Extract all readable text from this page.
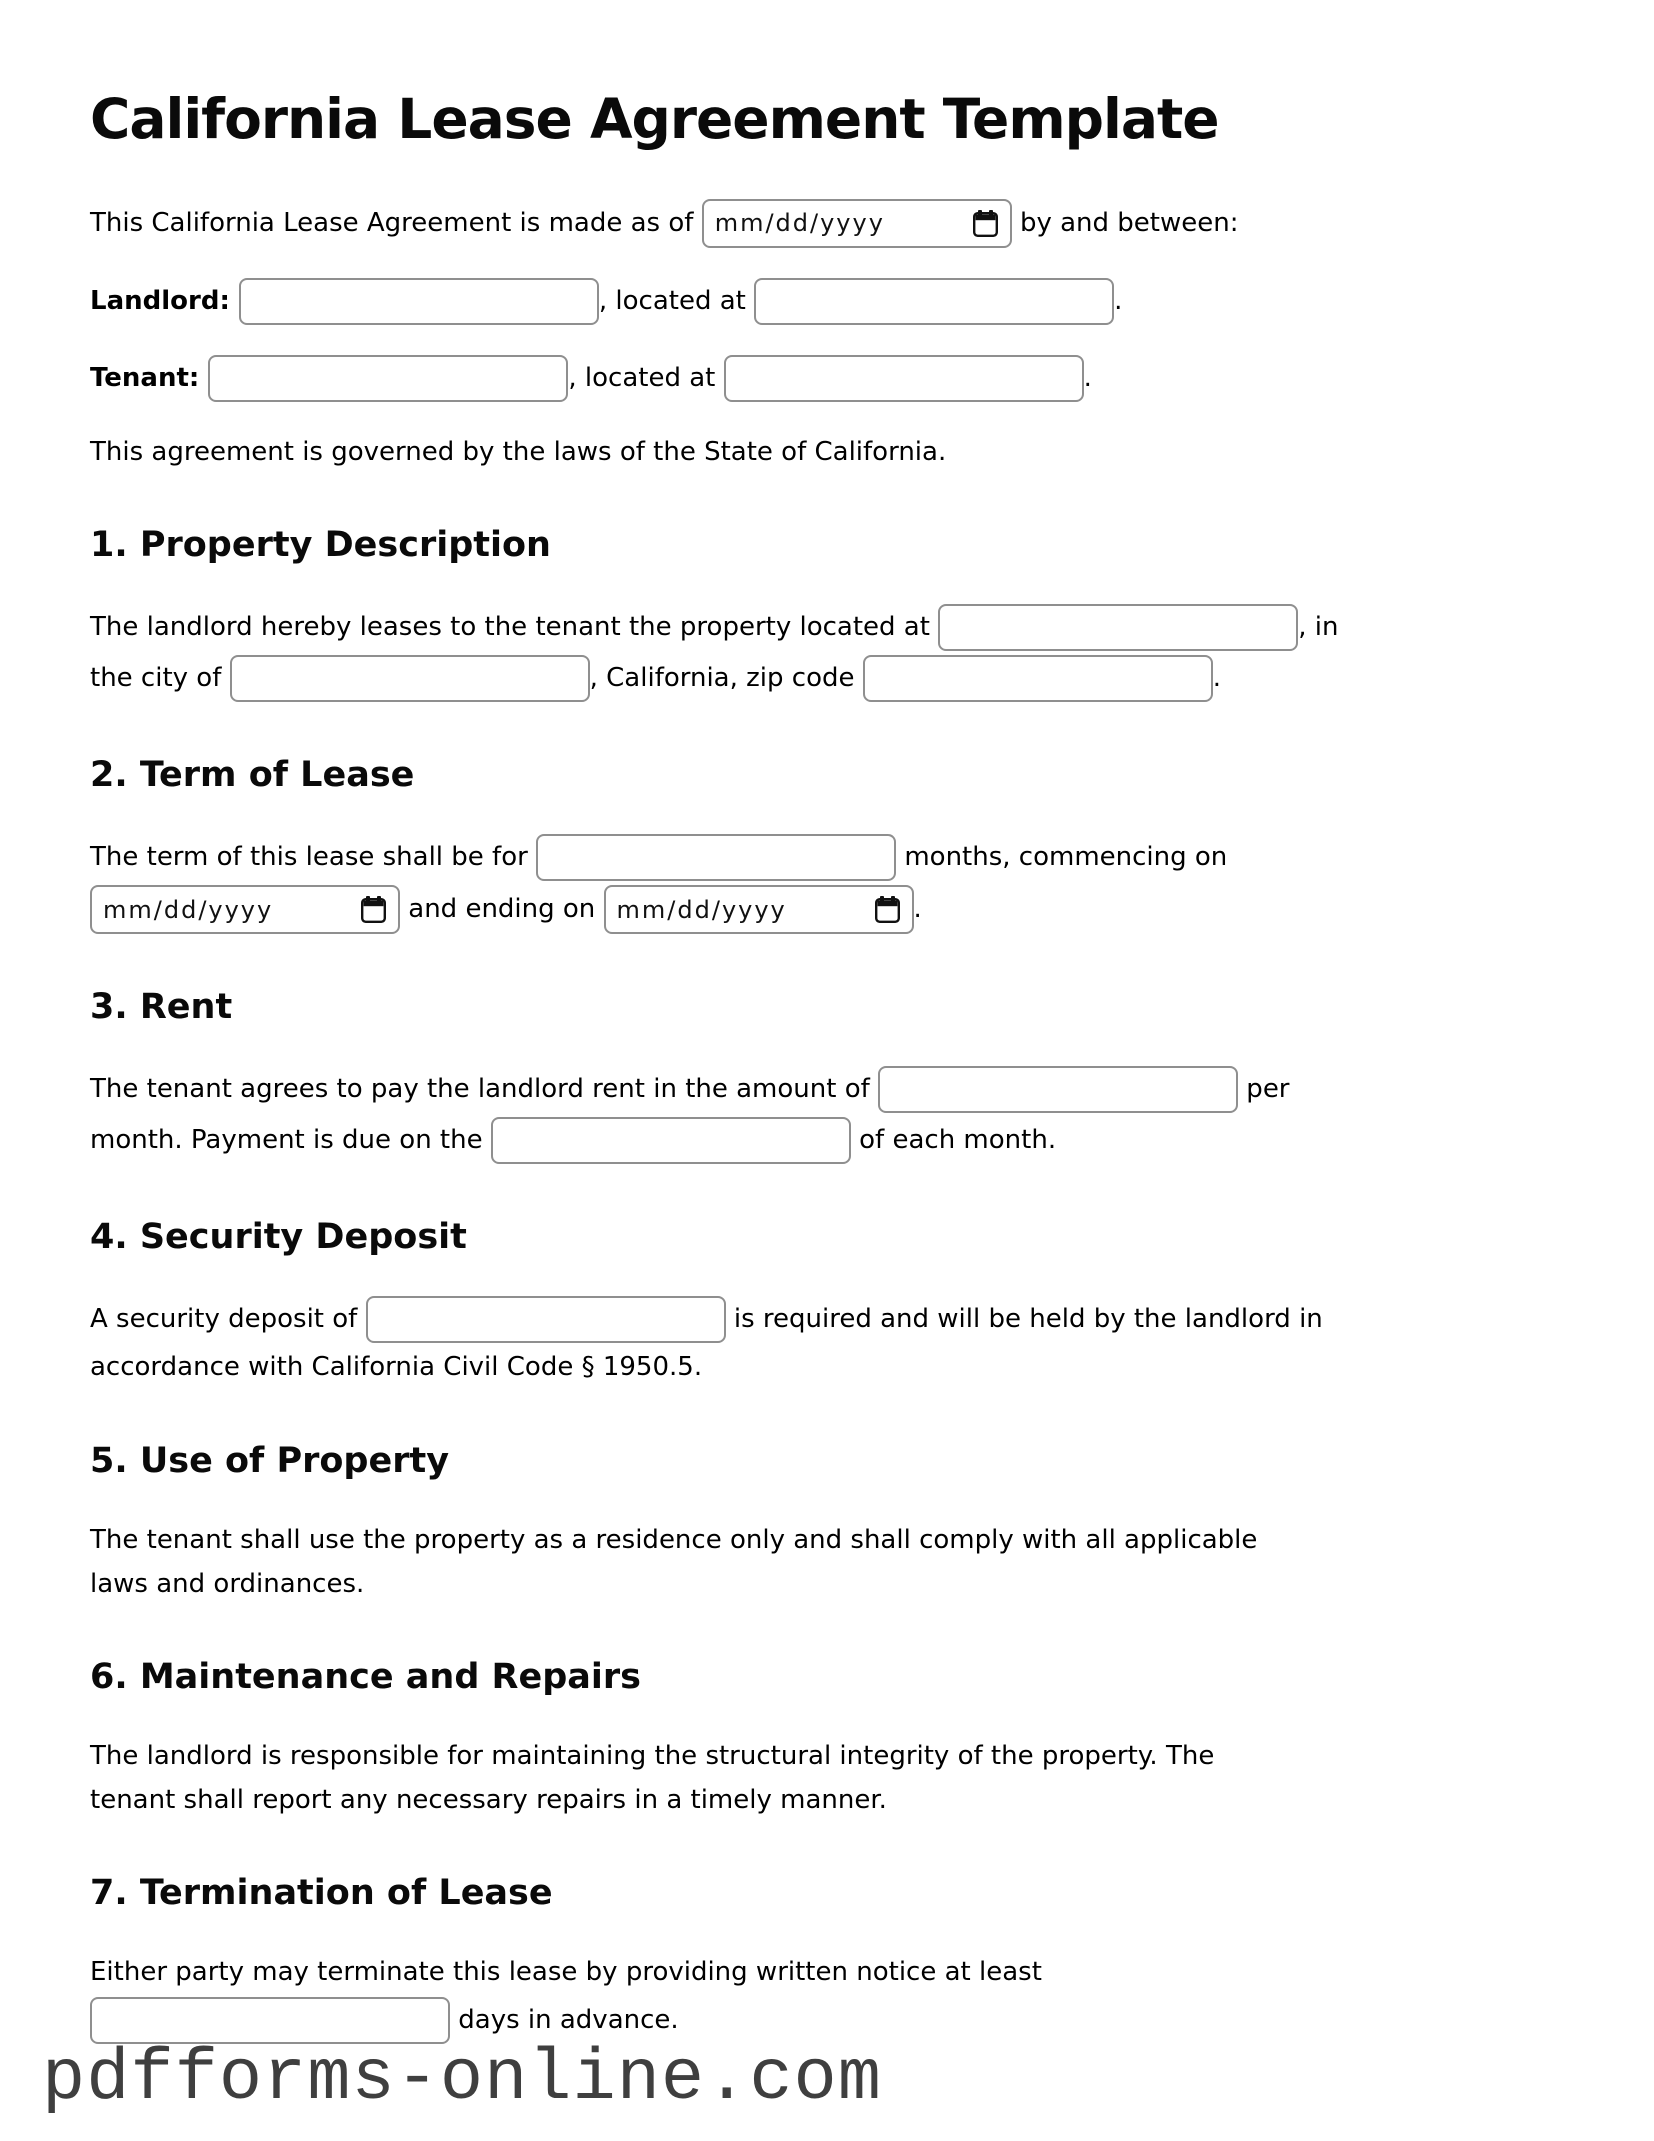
California Lease Agreement Template

This California Lease Agreement is made as of mm/dd/yyyy	by and between:

Landlord:	, located at	.

Tenant:	, located at	.

This agreement is governed by the laws of the State of California.

1. Property Description

The landlord hereby leases to the tenant the property located at	, in
the city of	, California, zip code	.

2. Term of Lease

The term of this lease shall be for	months, commencing on

mm/dd/yyyy	and ending on mm/dd/yyyy	.

3. Rent

The tenant agrees to pay the landlord rent in the amount of	per
month. Payment is due on the	of each month.

4. Security Deposit

A security deposit of	is required and will be held by the landlord in
accordance with California Civil Code § 1950.5.

5. Use of Property

The tenant shall use the property as a residence only and shall comply with all applicable
laws and ordinances.

6. Maintenance and Repairs

The landlord is responsible for maintaining the structural integrity of the property. The
tenant shall report any necessary repairs in a timely manner.

7. Termination of Lease

Either party may terminate this lease by providing written notice at least
days in advance.

pdfforms-online.com
